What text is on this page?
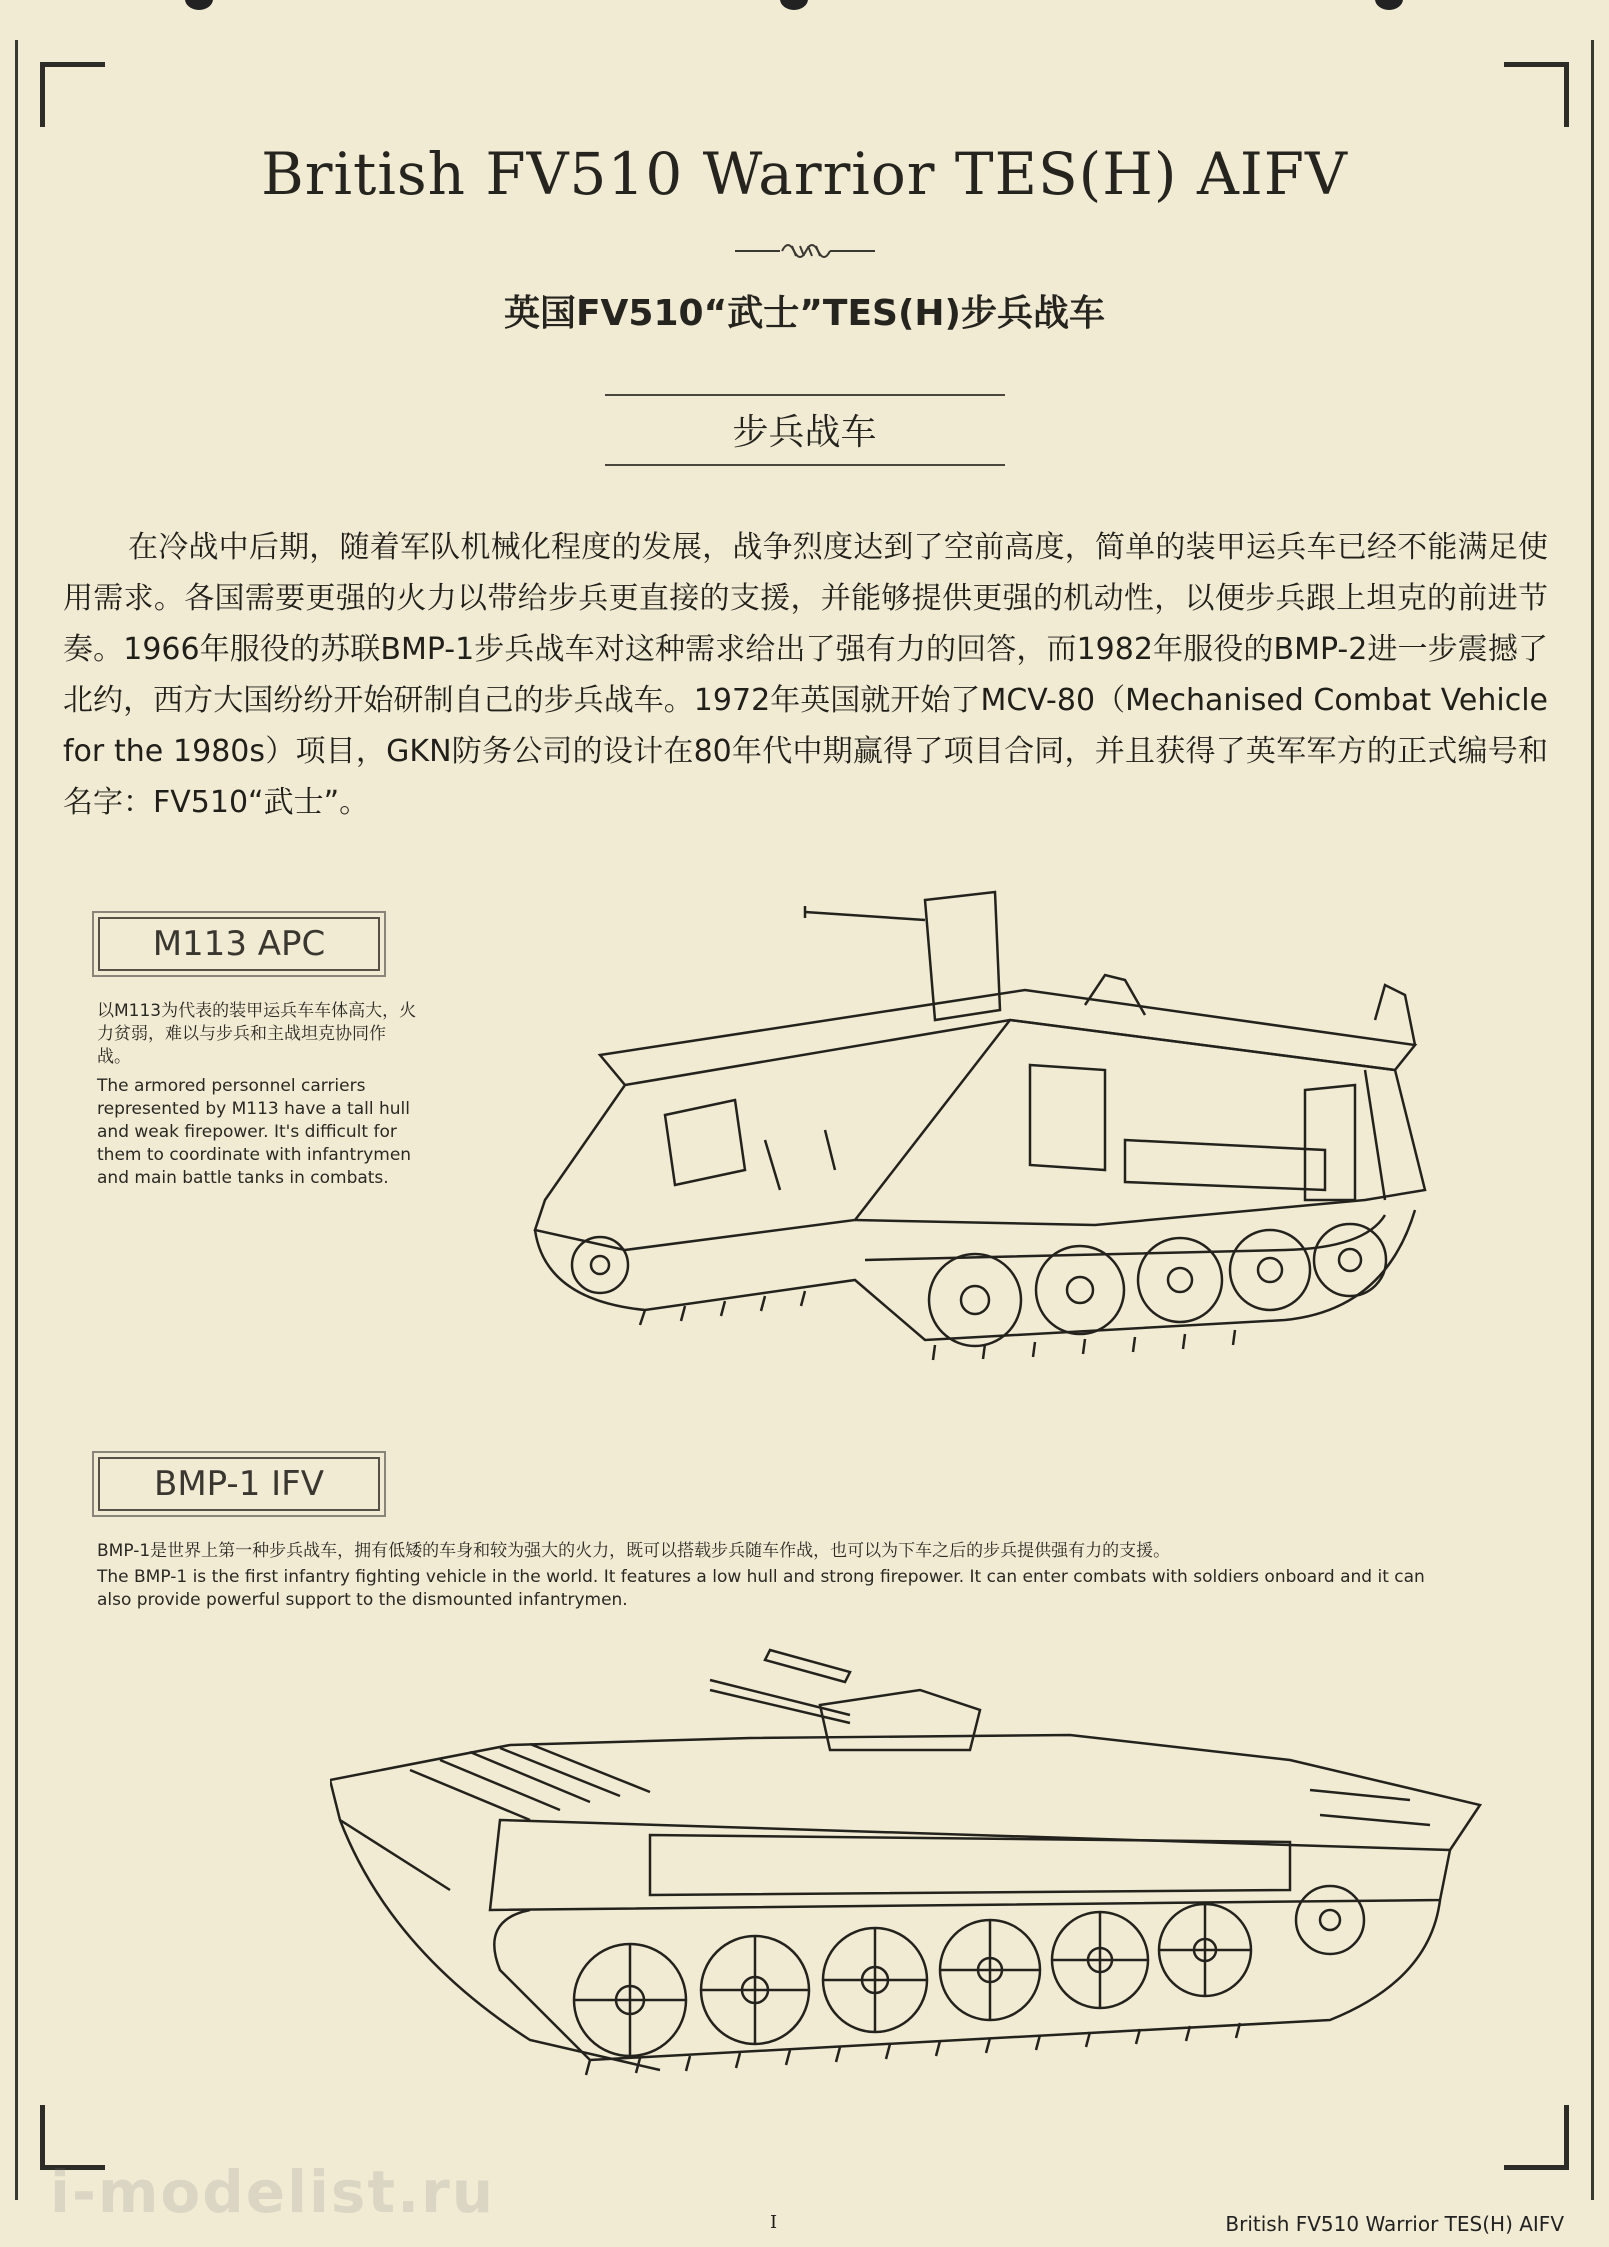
British FV510 Warrior TES(H) AIFV
英国FV510“武士”TES(H)步兵战车
步兵战车
在冷战中后期，随着军队机械化程度的发展，战争烈度达到了空前高度，简单的装甲运兵车已经不能满足使用需求。各国需要更强的火力以带给步兵更直接的支援，并能够提供更强的机动性，以便步兵跟上坦克的前进节奏。1966年服役的苏联BMP-1步兵战车对这种需求给出了强有力的回答，而1982年服役的BMP-2进一步震撼了北约，西方大国纷纷开始研制自己的步兵战车。1972年英国就开始了MCV-80（Mechanised Combat Vehicle for the 1980s）项目，GKN防务公司的设计在80年代中期赢得了项目合同，并且获得了英军军方的正式编号和名字：FV510“武士”。
M113 APC
以M113为代表的装甲运兵车车体高大，火力贫弱，难以与步兵和主战坦克协同作战。
The armored personnel carriers represented by M113 have a tall hull and weak firepower. It's difficult for them to coordinate with infantrymen and main battle tanks in combats.
BMP-1 IFV
BMP-1是世界上第一种步兵战车，拥有低矮的车身和较为强大的火力，既可以搭载步兵随车作战，也可以为下车之后的步兵提供强有力的支援。
The BMP-1 is the first infantry fighting vehicle in the world. It features a low hull and strong firepower. It can enter combats with soldiers onboard and it can also provide powerful support to the dismounted infantrymen.
i-modelist.ru	I	British FV510 Warrior TES(H) AIFV
